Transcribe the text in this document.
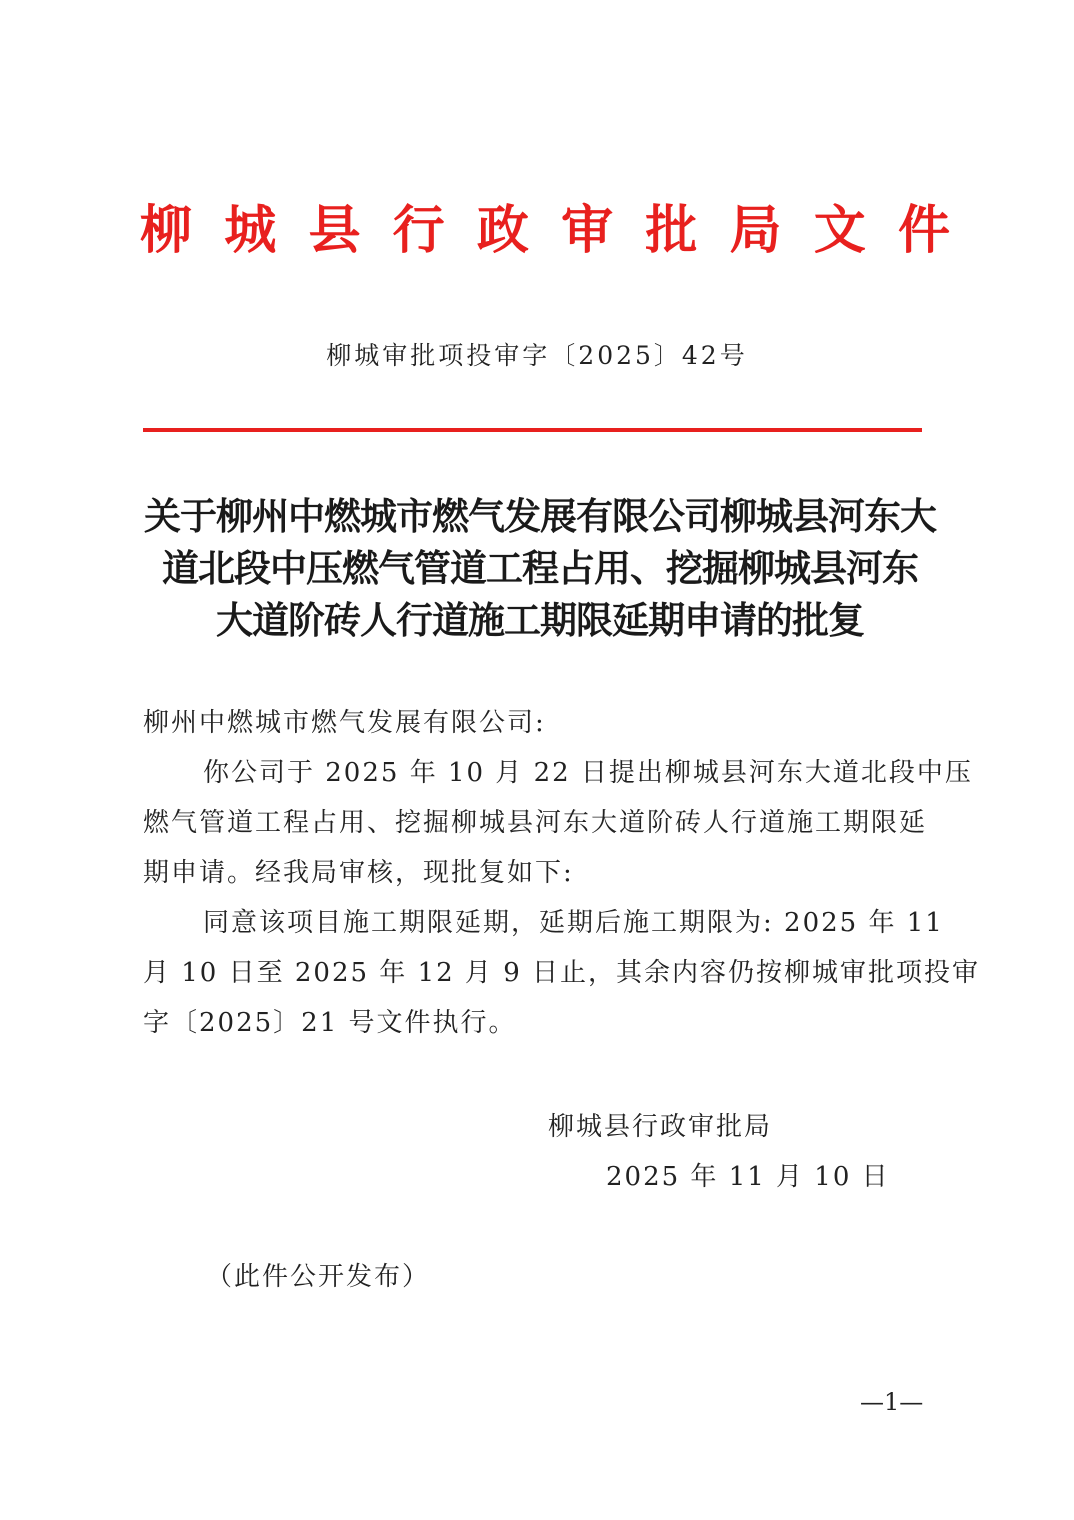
柳城县行政审批局文件
柳城审批项投审字〔2025〕42号
关于柳州中燃城市燃气发展有限公司柳城县河东大
道北段中压燃气管道工程占用、挖掘柳城县河东
大道阶砖人行道施工期限延期申请的批复
柳州中燃城市燃气发展有限公司:
你公司于 2025 年 10 月 22 日提出柳城县河东大道北段中压
燃气管道工程占用、挖掘柳城县河东大道阶砖人行道施工期限延
期申请。经我局审核，现批复如下:
同意该项目施工期限延期，延期后施工期限为: 2025 年 11
月 10 日至 2025 年 12 月 9 日止，其余内容仍按柳城审批项投审
字〔2025〕21 号文件执行。
柳城县行政审批局
2025 年 11 月 10 日
（此件公开发布）
—1—
